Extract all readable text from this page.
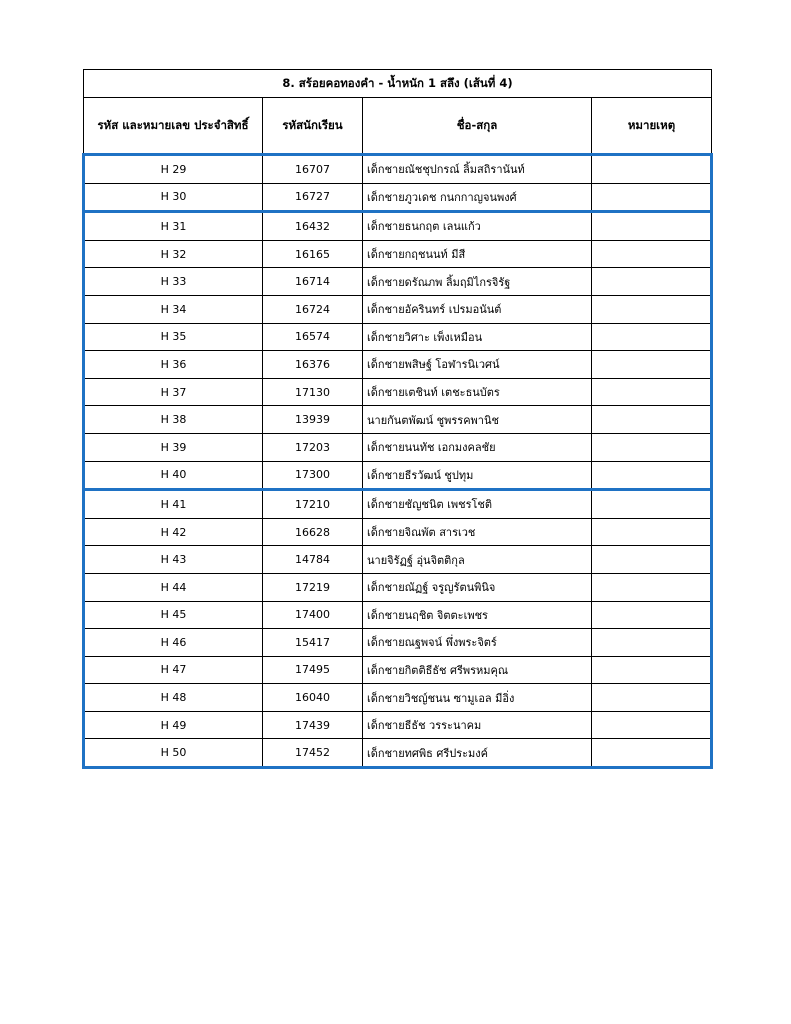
8. สร้อยคอทองคำ - น้ำหนัก 1 สลึง (เส้นที่ 4)			
รหัส และหมายเลข ประจำสิทธิ์	รหัสนักเรียน	ชื่อ-สกุล	หมายเหตุ
H 29	16707	เด็กชายณัชชุปกรณ์ ลิ้มสถิรานันท์	
H 30	16727	เด็กชายภูวเดช กนกกาญจนพงศ์	
H 31	16432	เด็กชายธนกฤต เลนแก้ว	
H 32	16165	เด็กชายกฤชนนท์ มีสี	
H 33	16714	เด็กชายดรัณภพ ลิ้มฤมิไกรจิรัฐ	
H 34	16724	เด็กชายอัครินทร์ เปรมอนันต์	
H 35	16574	เด็กชายวิศาะ เพ็งเหมือน	
H 36	16376	เด็กชายพสิษฐ์ โอฬารนิเวศน์	
H 37	17130	เด็กชายเตชินท์ เตชะธนบัตร	
H 38	13939	นายกันตพัฒน์ ชูพรรคพานิช	
H 39	17203	เด็กชายนนทัช เอกมงคลชัย	
H 40	17300	เด็กชายธีรวัฒน์ ชูปทุม	
H 41	17210	เด็กชายชัญชนิต เพชรโชติ	
H 42	16628	เด็กชายจิณพัต สารเวช	
H 43	14784	นายจิรัฏฐ์ อุ่นจิตติกุล	
H 44	17219	เด็กชายณัฏฐ์ จรูญรัตนพินิจ	
H 45	17400	เด็กชายนฤชิต จิตตะเพชร	
H 46	15417	เด็กชายณฐพจน์ พึ่งพระจิตร์	
H 47	17495	เด็กชายกิตติธีธัช ศรีพรหมคุณ	
H 48	16040	เด็กชายวิชญ์ชนน ซามูเอล มีอิ่ง	
H 49	17439	เด็กชายธีธัช วรระนาคม	
H 50	17452	เด็กชายทศพิธ ศรีประมงค์	
